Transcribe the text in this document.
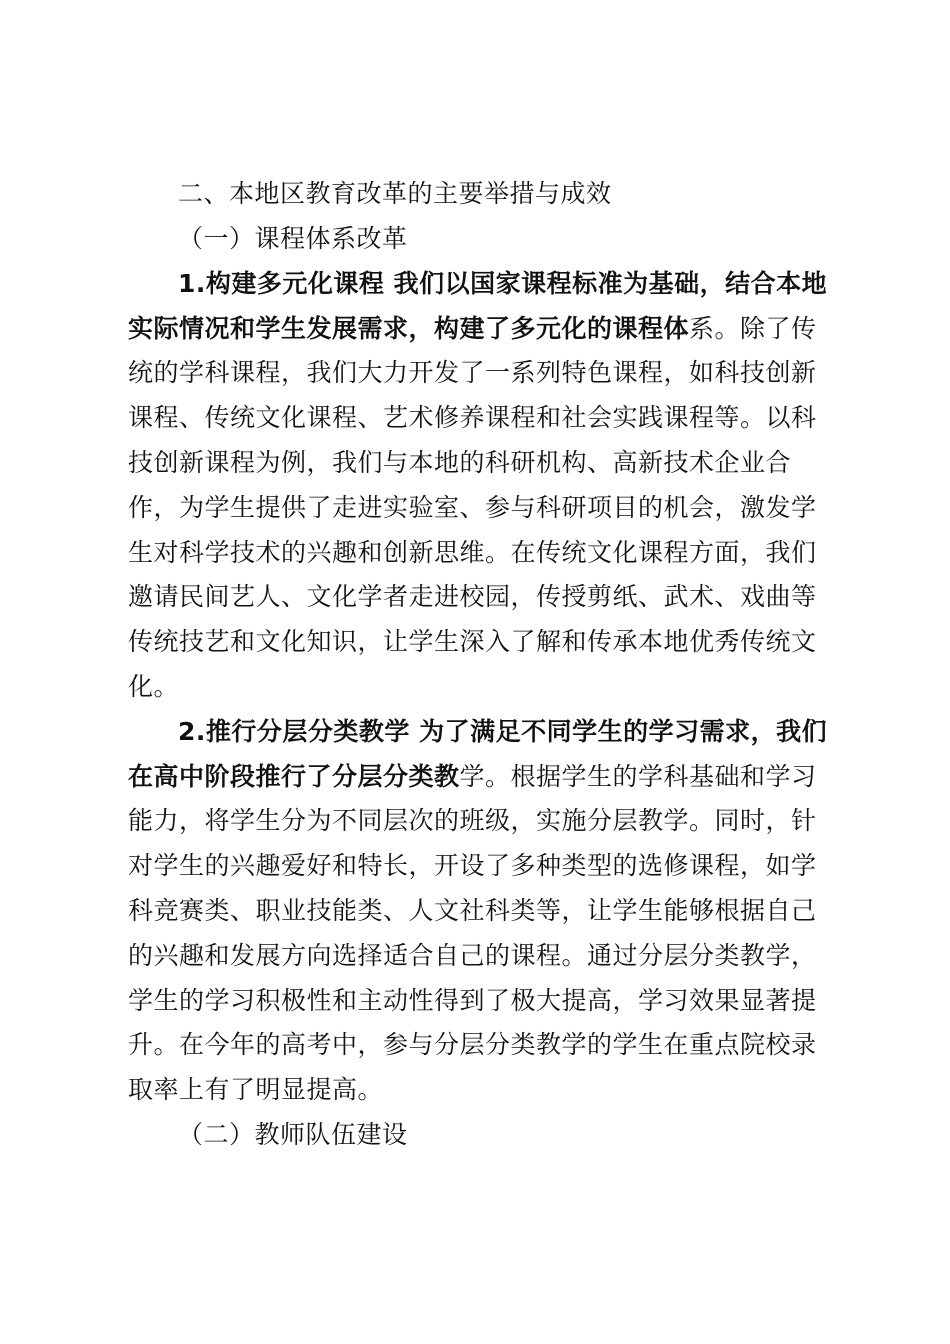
二、本地区教育改革的主要举措与成效
（一）课程体系改革
1.构建多元化课程 我们以国家课程标准为基础，结合本地
实际情况和学生发展需求，构建了多元化的课程体系。除了传
统的学科课程，我们大力开发了一系列特色课程，如科技创新
课程、传统文化课程、艺术修养课程和社会实践课程等。以科
技创新课程为例，我们与本地的科研机构、高新技术企业合
作，为学生提供了走进实验室、参与科研项目的机会，激发学
生对科学技术的兴趣和创新思维。在传统文化课程方面，我们
邀请民间艺人、文化学者走进校园，传授剪纸、武术、戏曲等
传统技艺和文化知识，让学生深入了解和传承本地优秀传统文
化。
2.推行分层分类教学 为了满足不同学生的学习需求，我们
在高中阶段推行了分层分类教学。根据学生的学科基础和学习
能力，将学生分为不同层次的班级，实施分层教学。同时，针
对学生的兴趣爱好和特长，开设了多种类型的选修课程，如学
科竞赛类、职业技能类、人文社科类等，让学生能够根据自己
的兴趣和发展方向选择适合自己的课程。通过分层分类教学，
学生的学习积极性和主动性得到了极大提高，学习效果显著提
升。在今年的高考中，参与分层分类教学的学生在重点院校录
取率上有了明显提高。
（二）教师队伍建设
